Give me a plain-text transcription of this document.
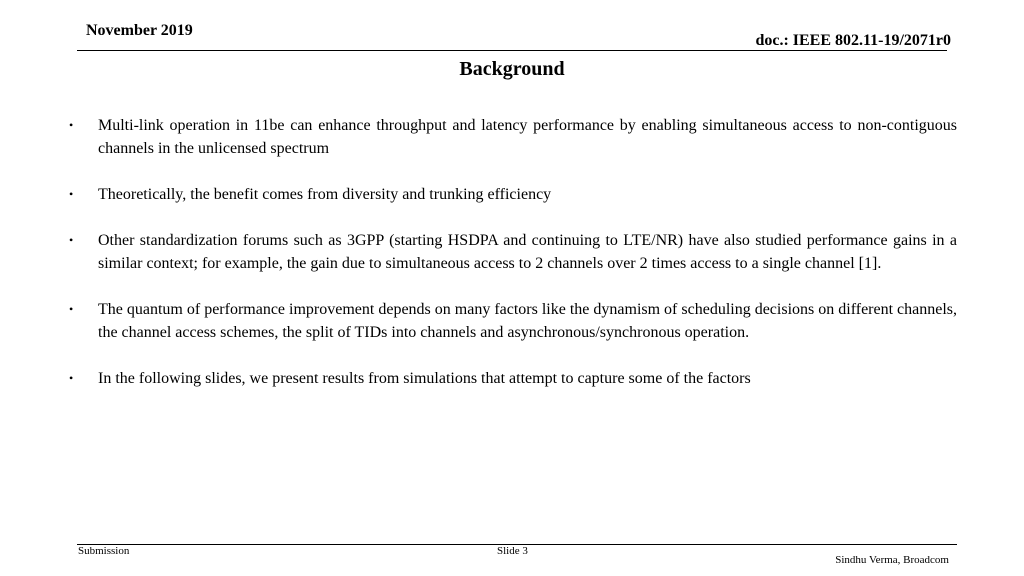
November 2019
doc.: IEEE 802.11-19/2071r0
Background
•	Multi-link operation in 11be can enhance throughput and latency performance by enabling simultaneous access to non-contiguous channels in the unlicensed spectrum
•	Theoretically, the benefit comes from diversity and trunking efficiency
•	Other standardization forums such as 3GPP (starting HSDPA and continuing to LTE/NR) have also studied performance gains in a similar context; for example, the gain due to simultaneous access to 2 channels over 2 times access to a single channel [1].
•	The quantum of performance improvement depends on many factors like the dynamism of scheduling decisions on different channels, the channel access schemes, the split of TIDs into channels and asynchronous/synchronous operation.
•	In the following slides, we present results from simulations that attempt to capture some of the factors
Submission	Slide 3
Sindhu Verma, Broadcom
